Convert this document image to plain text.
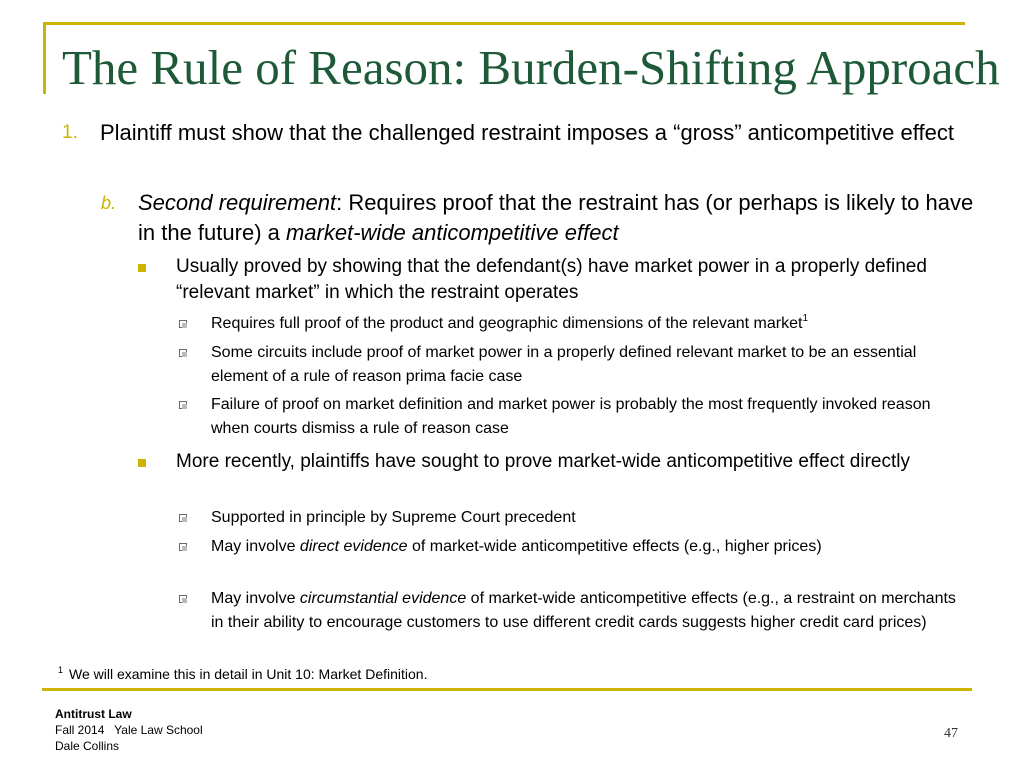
The Rule of Reason: Burden-Shifting Approach
1. Plaintiff must show that the challenged restraint imposes a “gross” anticompetitive effect
b. Second requirement: Requires proof that the restraint has (or perhaps is likely to have in the future) a market-wide anticompetitive effect
Usually proved by showing that the defendant(s) have market power in a properly defined “relevant market” in which the restraint operates
Requires full proof of the product and geographic dimensions of the relevant market$^1$
Some circuits include proof of market power in a properly defined relevant market to be an essential element of a rule of reason prima facie case
Failure of proof on market definition and market power is probably the most frequently invoked reason when courts dismiss a rule of reason case
More recently, plaintiffs have sought to prove market-wide anticompetitive effect directly
Supported in principle by Supreme Court precedent
May involve direct evidence of market-wide anticompetitive effects (e.g., higher prices)
May involve circumstantial evidence of market-wide anticompetitive effects (e.g., a restraint on merchants in their ability to encourage customers to use different credit cards suggests higher credit card prices)
$^1$ We will examine this in detail in Unit 10: Market Definition.
Antitrust Law
Fall 2014   Yale Law School
Dale Collins
47
